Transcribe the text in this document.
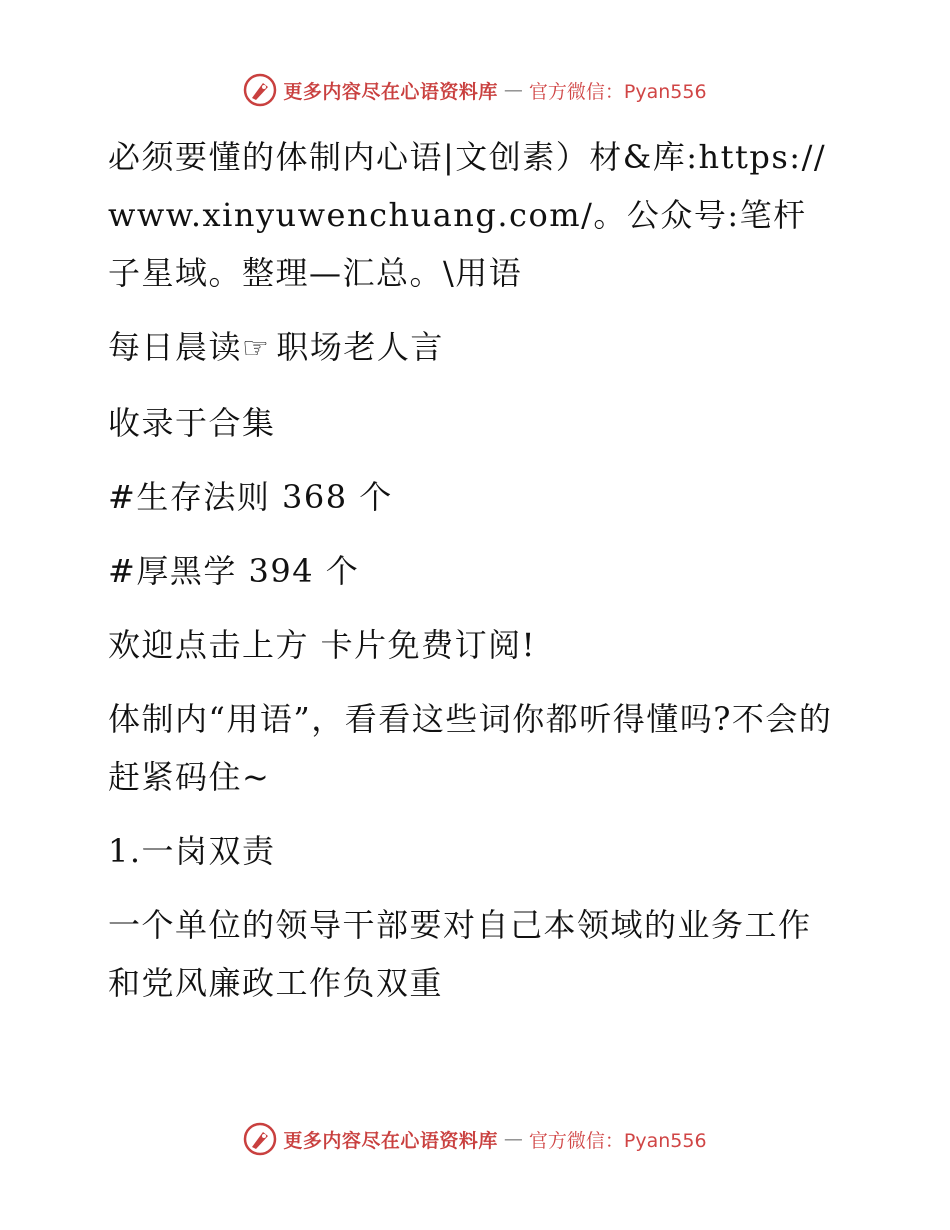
更多内容尽在心语资料库 — 官方微信：Pyan556

必须要懂的体制内心语|文创素）材&库:https://www.xinyuwenchuang.com/。公众号:笔杆子星域。整理—汇总。\用语

每日晨读☞ 职场老人言

收录于合集

#生存法则 368 个

#厚黑学 394 个

欢迎点击上方 卡片免费订阅!

体制内“用语”，看看这些词你都听得懂吗?不会的赶紧码住~

1.一岗双责

一个单位的领导干部要对自己本领域的业务工作和党风廉政工作负双重

更多内容尽在心语资料库 — 官方微信：Pyan556
